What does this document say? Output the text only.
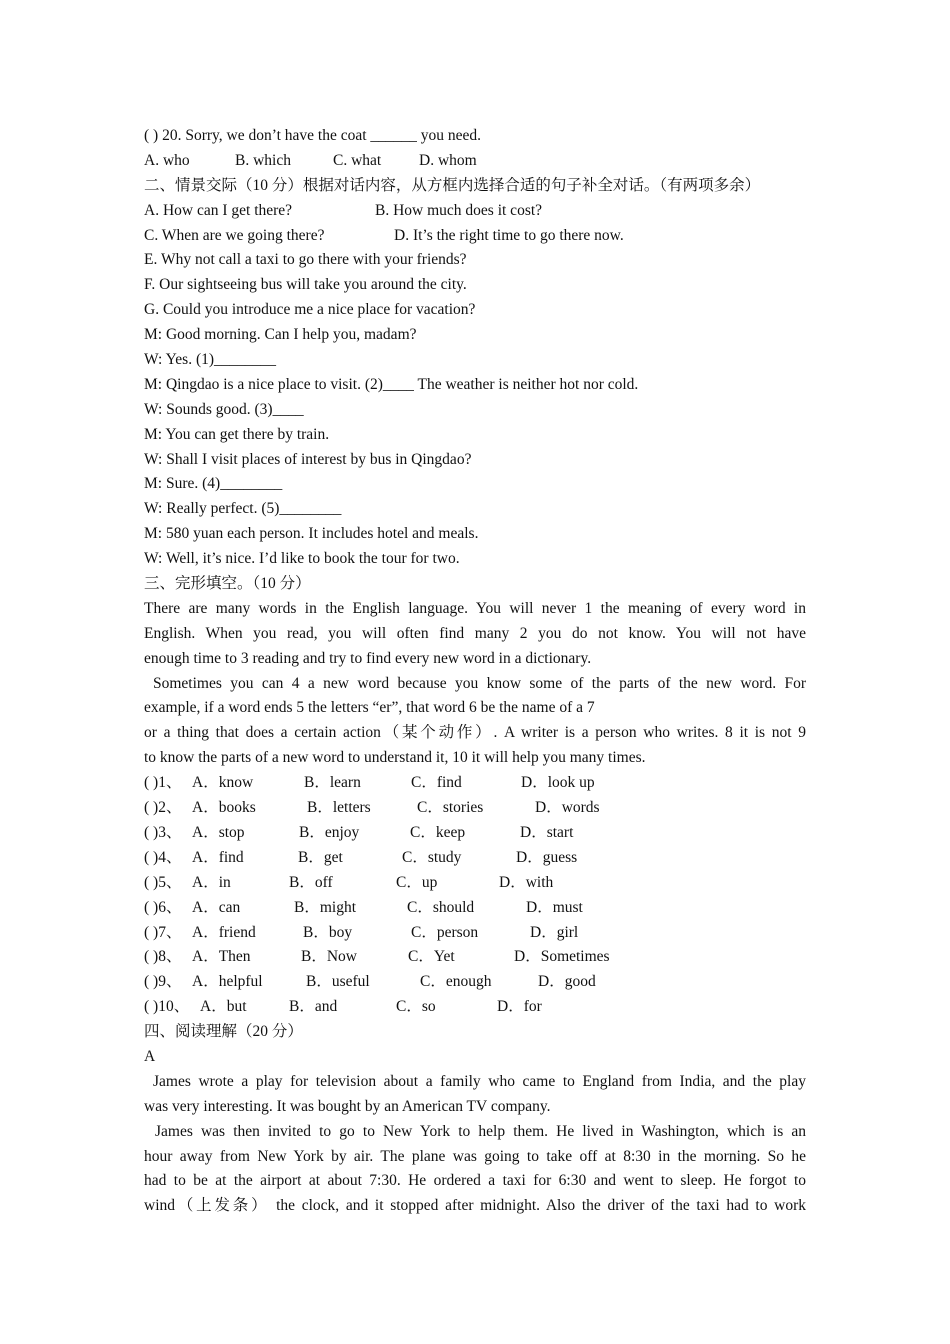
( ) 20. Sorry, we don’t have the coat ______ you need.
A. who	B. which	C. what D. whom
二、情景交际（10 分）根据对话内容，从方框内选择合适的句子补全对话。（有两项多余）
A. How can I get there?	B. How much does it cost?
C. When are we going there?	D. It’s the right time to go there now.
E. Why not call a taxi to go there with your friends?
F. Our sightseeing bus will take you around the city.
G. Could you introduce me a nice place for vacation?
M: Good morning. Can I help you, madam?
W: Yes. (1)________
M: Qingdao is a nice place to visit. (2)____ The weather is neither hot nor cold.
W: Sounds good. (3)____
M: You can get there by train.
W: Shall I visit places of interest by bus in Qingdao?
M: Sure. (4)________
W: Really perfect. (5)________
M: 580 yuan each person. It includes hotel and meals.
W: Well, it’s nice. I’d like to book the tour for two.
三、完形填空。（10 分）
There are many words in the English language. You will never 1 the meaning of every word in
English. When you read, you will often find many 2 you do not know. You will not have
enough time to 3 reading and try to find every new word in a dictionary.
Sometimes you can 4 a new word because you know some of the parts of the new word. For
example, if a word ends 5 the letters “er”, that word 6 be the name of a 7
or a thing that does a certain action（某个动作）. A writer is a person who writes. 8 it is not 9
to know the parts of a new word to understand it, 10 it will help you many times.
( )1、 A．know	B．learn	C．find	D．look up
( )2、 A．books	B．letters	C．stories	D．words
( )3、 A．stop	B．enjoy	C．keep	D．start
( )4、 A．find	B．get	C．study	D．guess
( )5、 A．in	B．off	C．up	D．with
( )6、 A．can	B．might	C．should	D．must
( )7、 A．friend	B．boy	C．person	D．girl
( )8、 A．Then	B．Now	C．Yet	D．Sometimes
( )9、 A．helpful	B．useful	C．enough	D．good
( )10、 A．but	B．and	C．so	D．for
四、阅读理解（20 分）
A
James wrote a play for television about a family who came to England from India, and the play
was very interesting. It was bought by an American TV company.
James was then invited to go to New York to help them. He lived in Washington, which is an
hour away from New York by air. The plane was going to take off at 8:30 in the morning. So he
had to be at the airport at about 7:30. He ordered a taxi for 6:30 and went to sleep. He forgot to
wind（上发条） the clock, and it stopped after midnight. Also the driver of the taxi had to work
